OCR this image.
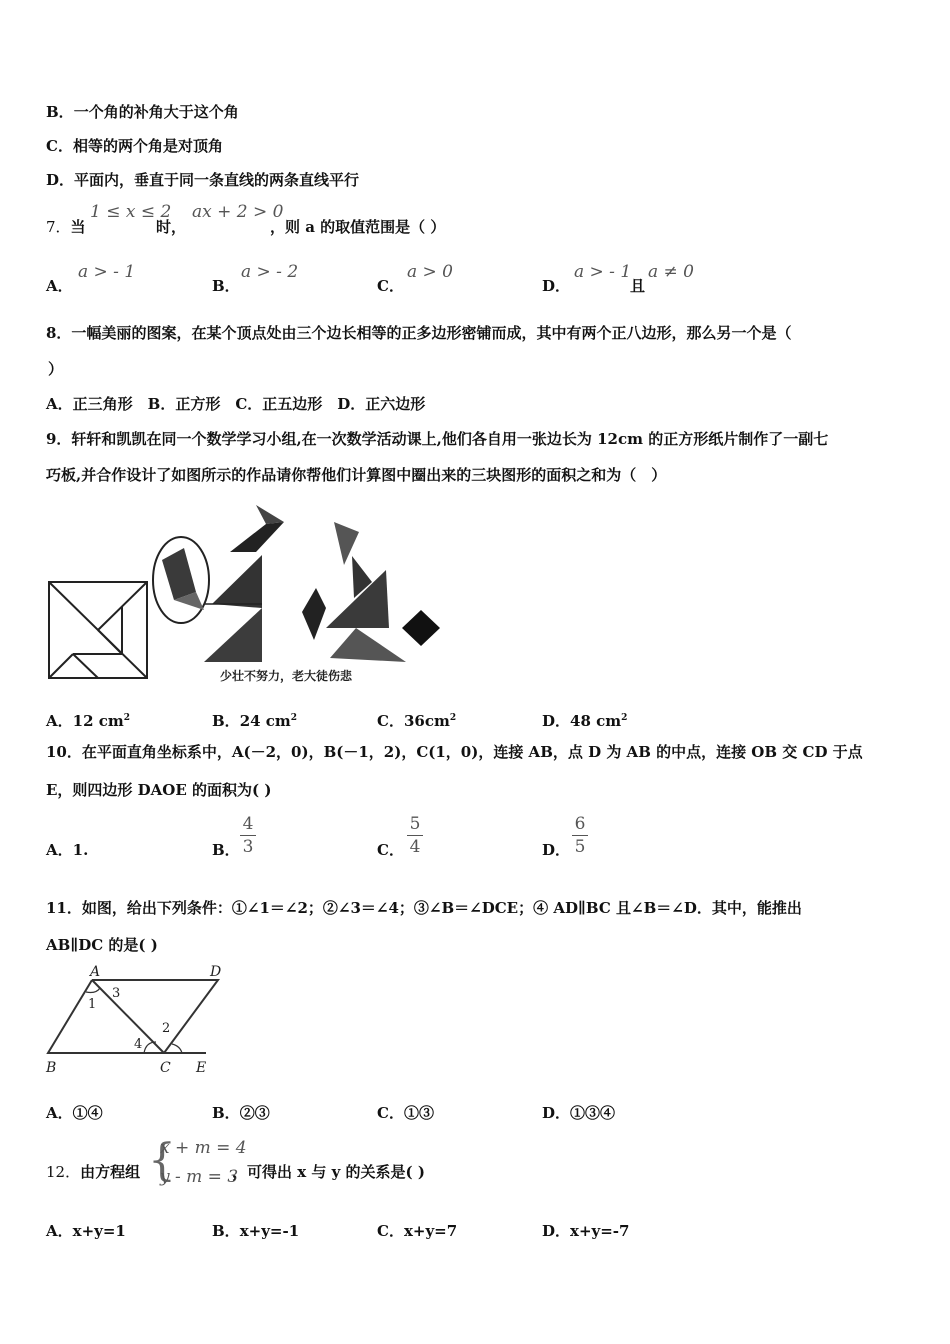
B．一个角的补角大于这个角
C．相等的两个角是对顶角
D．平面内，垂直于同一条直线的两条直线平行
7．当
1 ≤ x ≤ 2
时，
ax + 2 > 0
，则 a 的取值范围是（ ）
A．
a > - 1
B．
a > - 2
C．
a > 0
D．
a > - 1
且
a ≠ 0
8．一幅美丽的图案，在某个顶点处由三个边长相等的正多边形密铺而成，其中有两个正八边形，那么另一个是（
）
A．正三角形　B．正方形　C．正五边形　D．正六边形
9．轩轩和凯凯在同一个数学学习小组,在一次数学活动课上,他们各自用一张边长为 12cm 的正方形纸片制作了一副七
巧板,并合作设计了如图所示的作品请你帮他们计算图中圈出来的三块图形的面积之和为（　）
少壮不努力，老大徒伤悲
A．12 $cm^2$	B．24 $cm^2$	C．$36cm^2$	D．48 $cm^2$
10．在平面直角坐标系中，A(－2，0)，B(－1，2)，C(1，0)，连接 AB，点 D 为 AB 的中点，连接 OB 交 CD 于点
E，则四边形 DAOE 的面积为( )
A．1.	B．
4
3	C．
5
4	D．
6
5
11．如图，给出下列条件：①∠1＝∠2；②∠3＝∠4；③∠B＝∠DCE；④ AD∥BC 且∠B＝∠D．其中，能推出
AB∥DC 的是( )
A	D
B	C E
1
3
2
4
A．①④	B．②③	C．①③	D．①③④
12．由方程组 {
x + m = 4
y - m = 3
，可得出 x 与 y 的关系是( )
A．x+y=1	B．x+y=-1	C．x+y=7	D．x+y=-7
